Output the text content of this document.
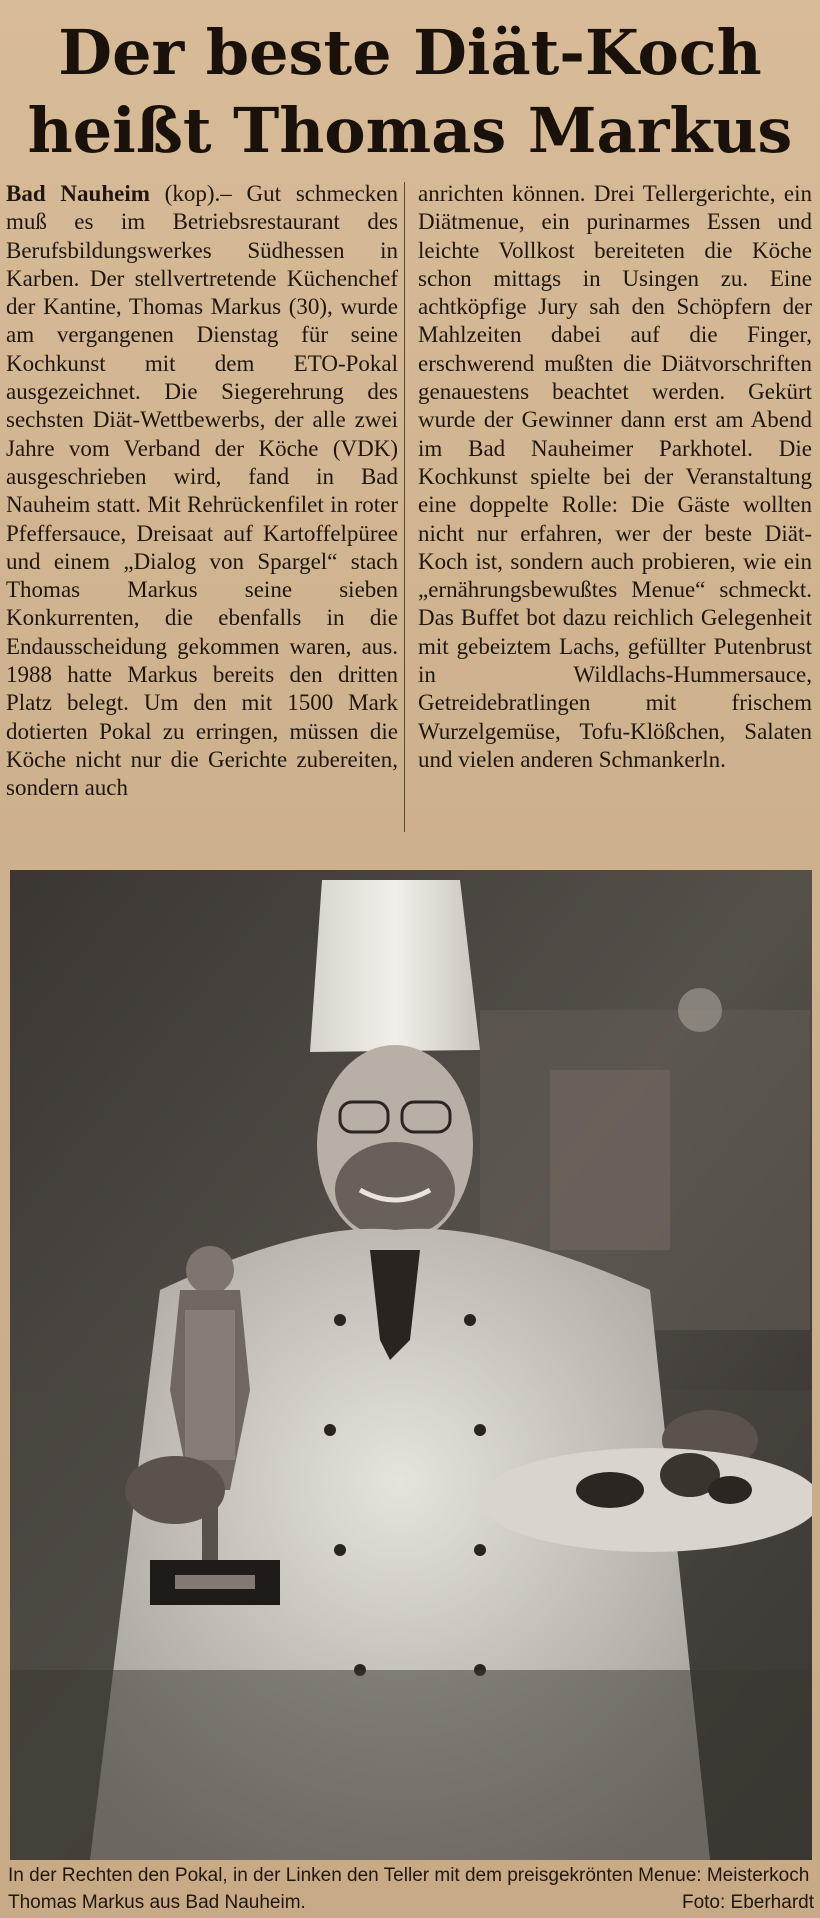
Der beste Diät-Koch
heißt Thomas Markus

Bad Nauheim (kop).– Gut schmecken muß es im Betriebsrestaurant des Berufsbildungswerkes Südhessen in Karben. Der stellvertretende Küchenchef der Kantine, Thomas Markus (30), wurde am vergangenen Dienstag für seine Kochkunst mit dem ETO-Pokal ausgezeichnet. Die Siegerehrung des sechsten Diät-Wettbewerbs, der alle zwei Jahre vom Verband der Köche (VDK) ausgeschrieben wird, fand in Bad Nauheim statt. Mit Rehrückenfilet in roter Pfeffersauce, Dreisaat auf Kartoffelpüree und einem „Dialog von Spargel“ stach Thomas Markus seine sieben Konkurrenten, die ebenfalls in die Endausscheidung gekommen waren, aus. 1988 hatte Markus bereits den dritten Platz belegt. Um den mit 1500 Mark dotierten Pokal zu erringen, müssen die Köche nicht nur die Gerichte zubereiten, sondern auch

anrichten können. Drei Tellergerichte, ein Diätmenue, ein purinarmes Essen und leichte Vollkost bereiteten die Köche schon mittags in Usingen zu. Eine achtköpfige Jury sah den Schöpfern der Mahlzeiten dabei auf die Finger, erschwerend mußten die Diätvorschriften genauestens beachtet werden. Gekürt wurde der Gewinner dann erst am Abend im Bad Nauheimer Parkhotel. Die Kochkunst spielte bei der Veranstaltung eine doppelte Rolle: Die Gäste wollten nicht nur erfahren, wer der beste Diät-Koch ist, sondern auch probieren, wie ein „ernährungsbewußtes Menue“ schmeckt. Das Buffet bot dazu reichlich Gelegenheit mit gebeiztem Lachs, gefüllter Putenbrust in Wildlachs-Hummersauce, Getreidebratlingen mit frischem Wurzelgemüse, Tofu-Klößchen, Salaten und vielen anderen Schmankerln.

In der Rechten den Pokal, in der Linken den Teller mit dem preisgekrönten Menue: Meisterkoch Thomas Markus aus Bad Nauheim.	Foto: Eberhardt
